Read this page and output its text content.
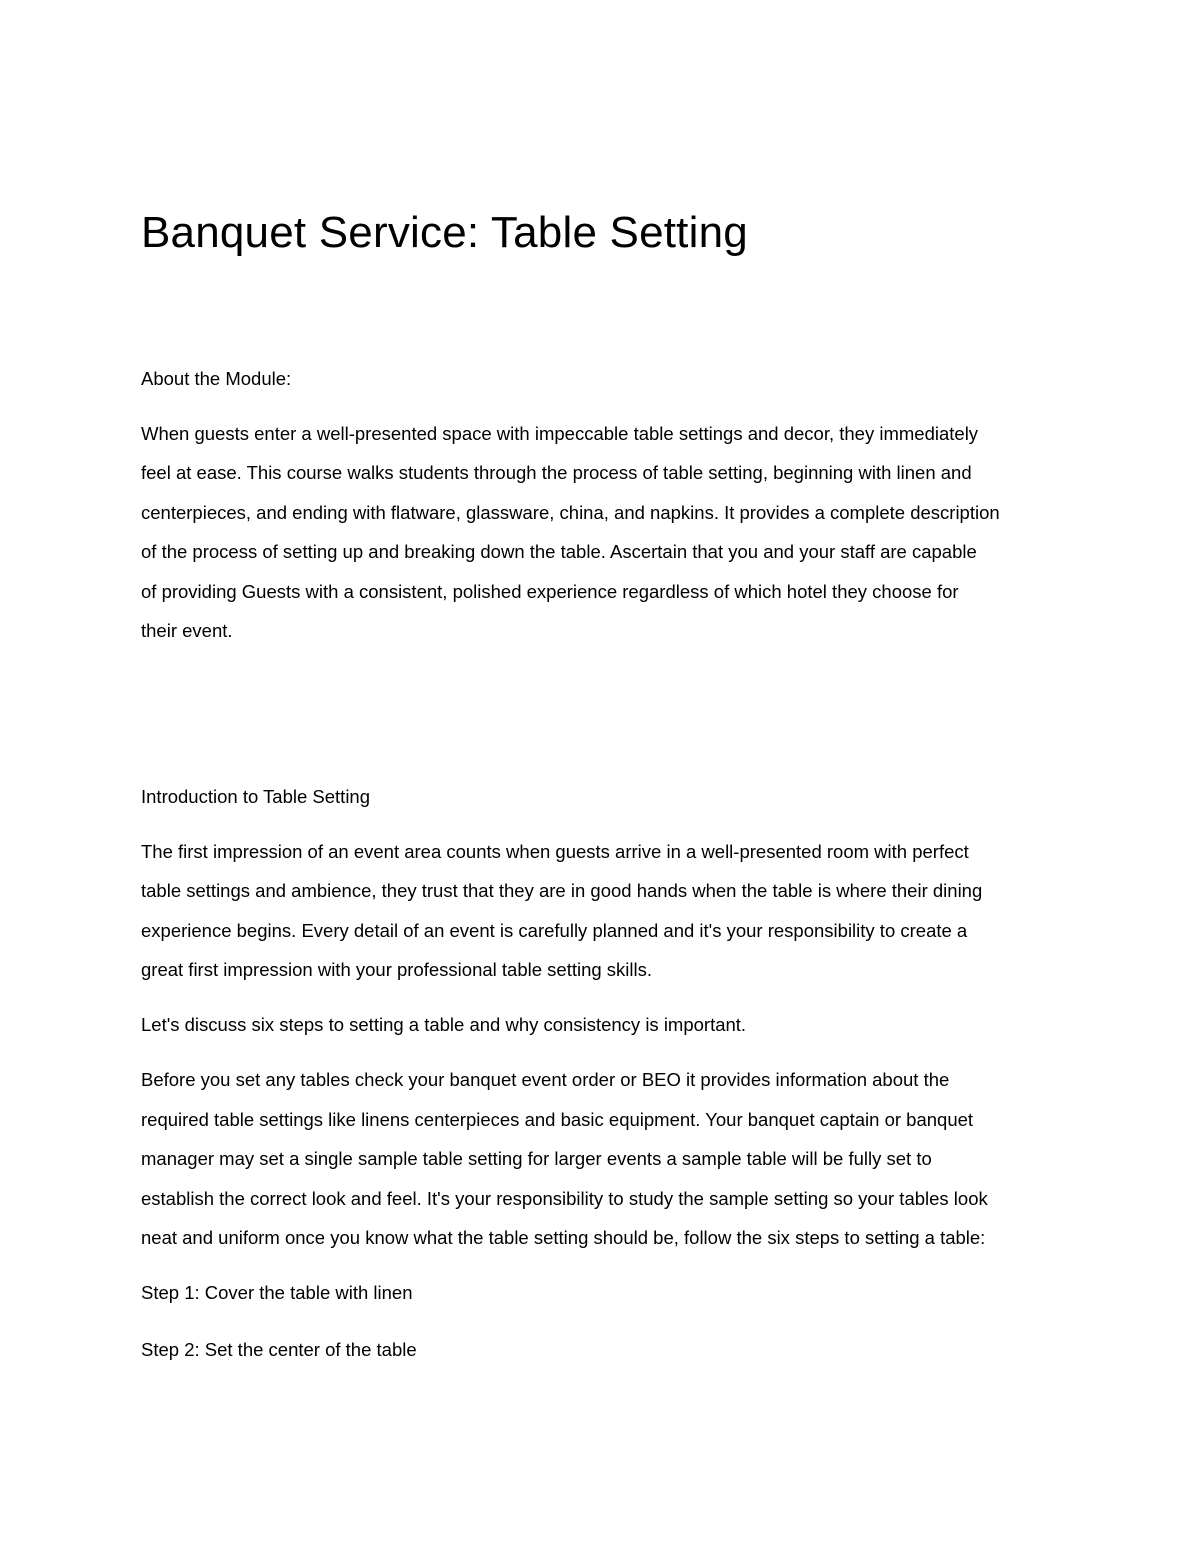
Banquet Service: Table Setting

About the Module:

When guests enter a well-presented space with impeccable table settings and decor, they immediately

feel at ease. This course walks students through the process of table setting, beginning with linen and

centerpieces, and ending with flatware, glassware, china, and napkins. It provides a complete description

of the process of setting up and breaking down the table. Ascertain that you and your staff are capable

of providing Guests with a consistent, polished experience regardless of which hotel they choose for

their event.

Introduction to Table Setting

The first impression of an event area counts when guests arrive in a well-presented room with perfect

table settings and ambience, they trust that they are in good hands when the table is where their dining

experience begins. Every detail of an event is carefully planned and it's your responsibility to create a

great first impression with your professional table setting skills.

Let's discuss six steps to setting a table and why consistency is important.

Before you set any tables check your banquet event order or BEO it provides information about the

required table settings like linens centerpieces and basic equipment. Your banquet captain or banquet

manager may set a single sample table setting for larger events a sample table will be fully set to

establish the correct look and feel. It's your responsibility to study the sample setting so your tables look

neat and uniform once you know what the table setting should be, follow the six steps to setting a table:

Step 1: Cover the table with linen

Step 2: Set the center of the table
